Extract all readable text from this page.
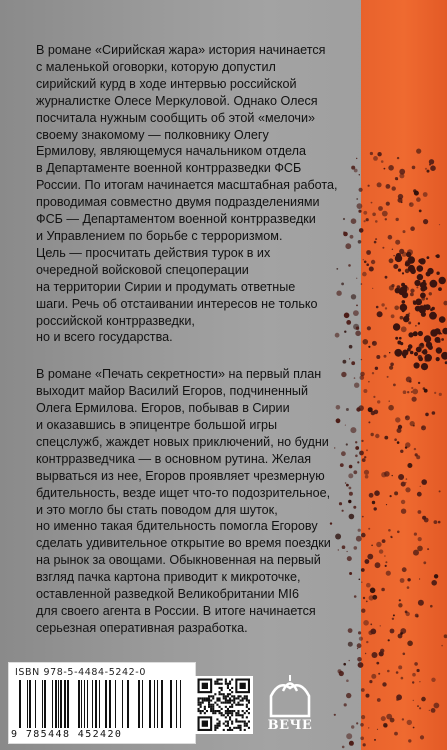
В романе «Сирийская жара» история начинается
с маленькой оговорки, которую допустил
сирийский курд в ходе интервью российской
журналистке Олесе Меркуловой. Однако Олеся
посчитала нужным сообщить об этой «мелочи»
своему знакомому — полковнику Олегу
Ермилову, являющемуся начальником отдела
в Департаменте военной контрразведки ФСБ
России. По итогам начинается масштабная работа,
проводимая совместно двумя подразделениями
ФСБ — Департаментом военной контрразведки
и Управлением по борьбе с терроризмом.
Цель — просчитать действия турок в их
очередной войсковой спецоперации
на территории Сирии и продумать ответные
шаги. Речь об отстаивании интересов не только
российской контрразведки,
но и всего государства.

В романе «Печать секретности» на первый план
выходит майор Василий Егоров, подчиненный
Олега Ермилова. Егоров, побывав в Сирии
и оказавшись в эпицентре большой игры
спецслужб, жаждет новых приключений, но будни
контрразведчика — в основном рутина. Желая
вырваться из нее, Егоров проявляет чрезмерную
бдительность, везде ищет что-то подозрительное,
и это могло бы стать поводом для шуток,
но именно такая бдительность помогла Егорову
сделать удивительное открытие во время поездки
на рынок за овощами. Обыкновенная на первый
взгляд пачка картона приводит к микроточке,
оставленной разведкой Великобритании МI6
для своего агента в России. В итоге начинается
серьезная оперативная разработка.

ISBN 978-5-4484-5242-0
9 785448 452420
ВЕЧЕ
